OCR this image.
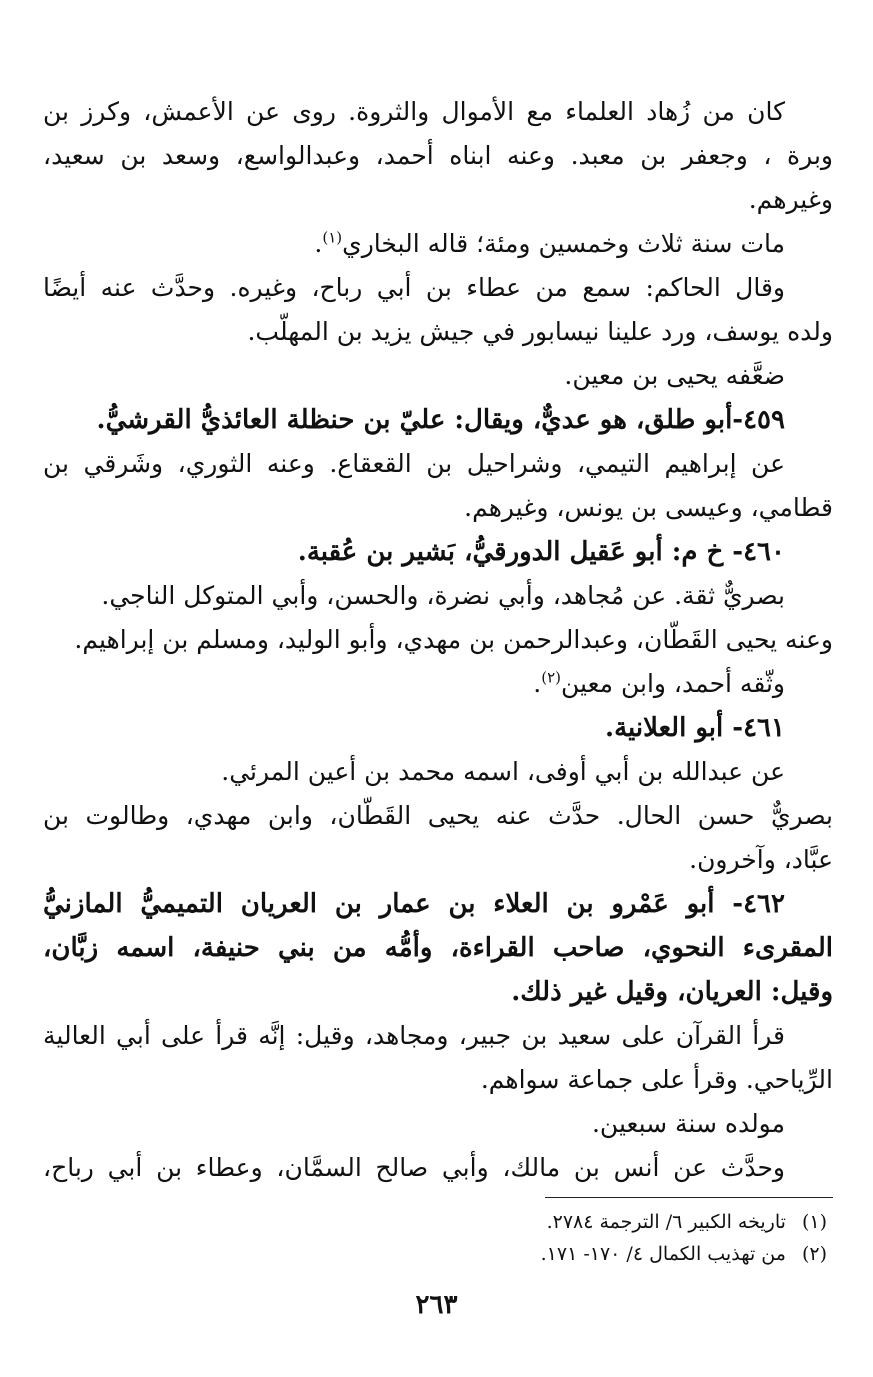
كان من زُهاد العلماء مع الأموال والثروة. روى عن الأعمش، وكرز بن

وبرة ، وجعفر بن معبد. وعنه ابناه أحمد، وعبدالواسع، وسعد بن سعيد،

وغيرهم.

مات سنة ثلاث وخمسين ومئة؛ قاله البخاري$^{(١)}$.

وقال الحاكم: سمع من عطاء بن أبي رباح، وغيره. وحدَّث عنه أيضًا

ولده يوسف، ورد علينا نيسابور في جيش يزيد بن المهلّب.

ضعَّفه يحيى بن معين.

٤٥٩-أبو طلق، هو عديٌّ، ويقال: عليّ بن حنظلة العائذيُّ القرشيُّ.

عن إبراهيم التيمي، وشراحيل بن القعقاع. وعنه الثوري، وشَرقي بن

قطامي، وعيسى بن يونس، وغيرهم.

٤٦٠- خ م: أبو عَقيل الدورقيُّ، بَشير بن عُقبة.

بصريٌّ ثقة. عن مُجاهد، وأبي نضرة، والحسن، وأبي المتوكل الناجي.

وعنه يحيى القَطّان، وعبدالرحمن بن مهدي، وأبو الوليد، ومسلم بن إبراهيم.

وثّقه أحمد، وابن معين$^{(٢)}$.

٤٦١- أبو العلانية.

عن عبدالله بن أبي أوفى، اسمه محمد بن أعين المرئي.

بصريٌّ حسن الحال. حدَّث عنه يحيى القَطّان، وابن مهدي، وطالوت بن

عبَّاد، وآخرون.

٤٦٢- أبو عَمْرو بن العلاء بن عمار بن العريان التميميُّ المازنيُّ

المقرىء النحوي، صاحب القراءة، وأمُّه من بني حنيفة، اسمه زبَّان،

وقيل: العريان، وقيل غير ذلك.

قرأ القرآن على سعيد بن جبير، ومجاهد، وقيل: إنَّه قرأ على أبي العالية

الرِّياحي. وقرأ على جماعة سواهم.

مولده سنة سبعين.

وحدَّث عن أنس بن مالك، وأبي صالح السمَّان، وعطاء بن أبي رباح،

(١)تاريخه الكبير ٦/ الترجمة ٢٧٨٤.
(٢)من تهذيب الكمال ٤/ ١٧٠- ١٧١.
٢٦٣
